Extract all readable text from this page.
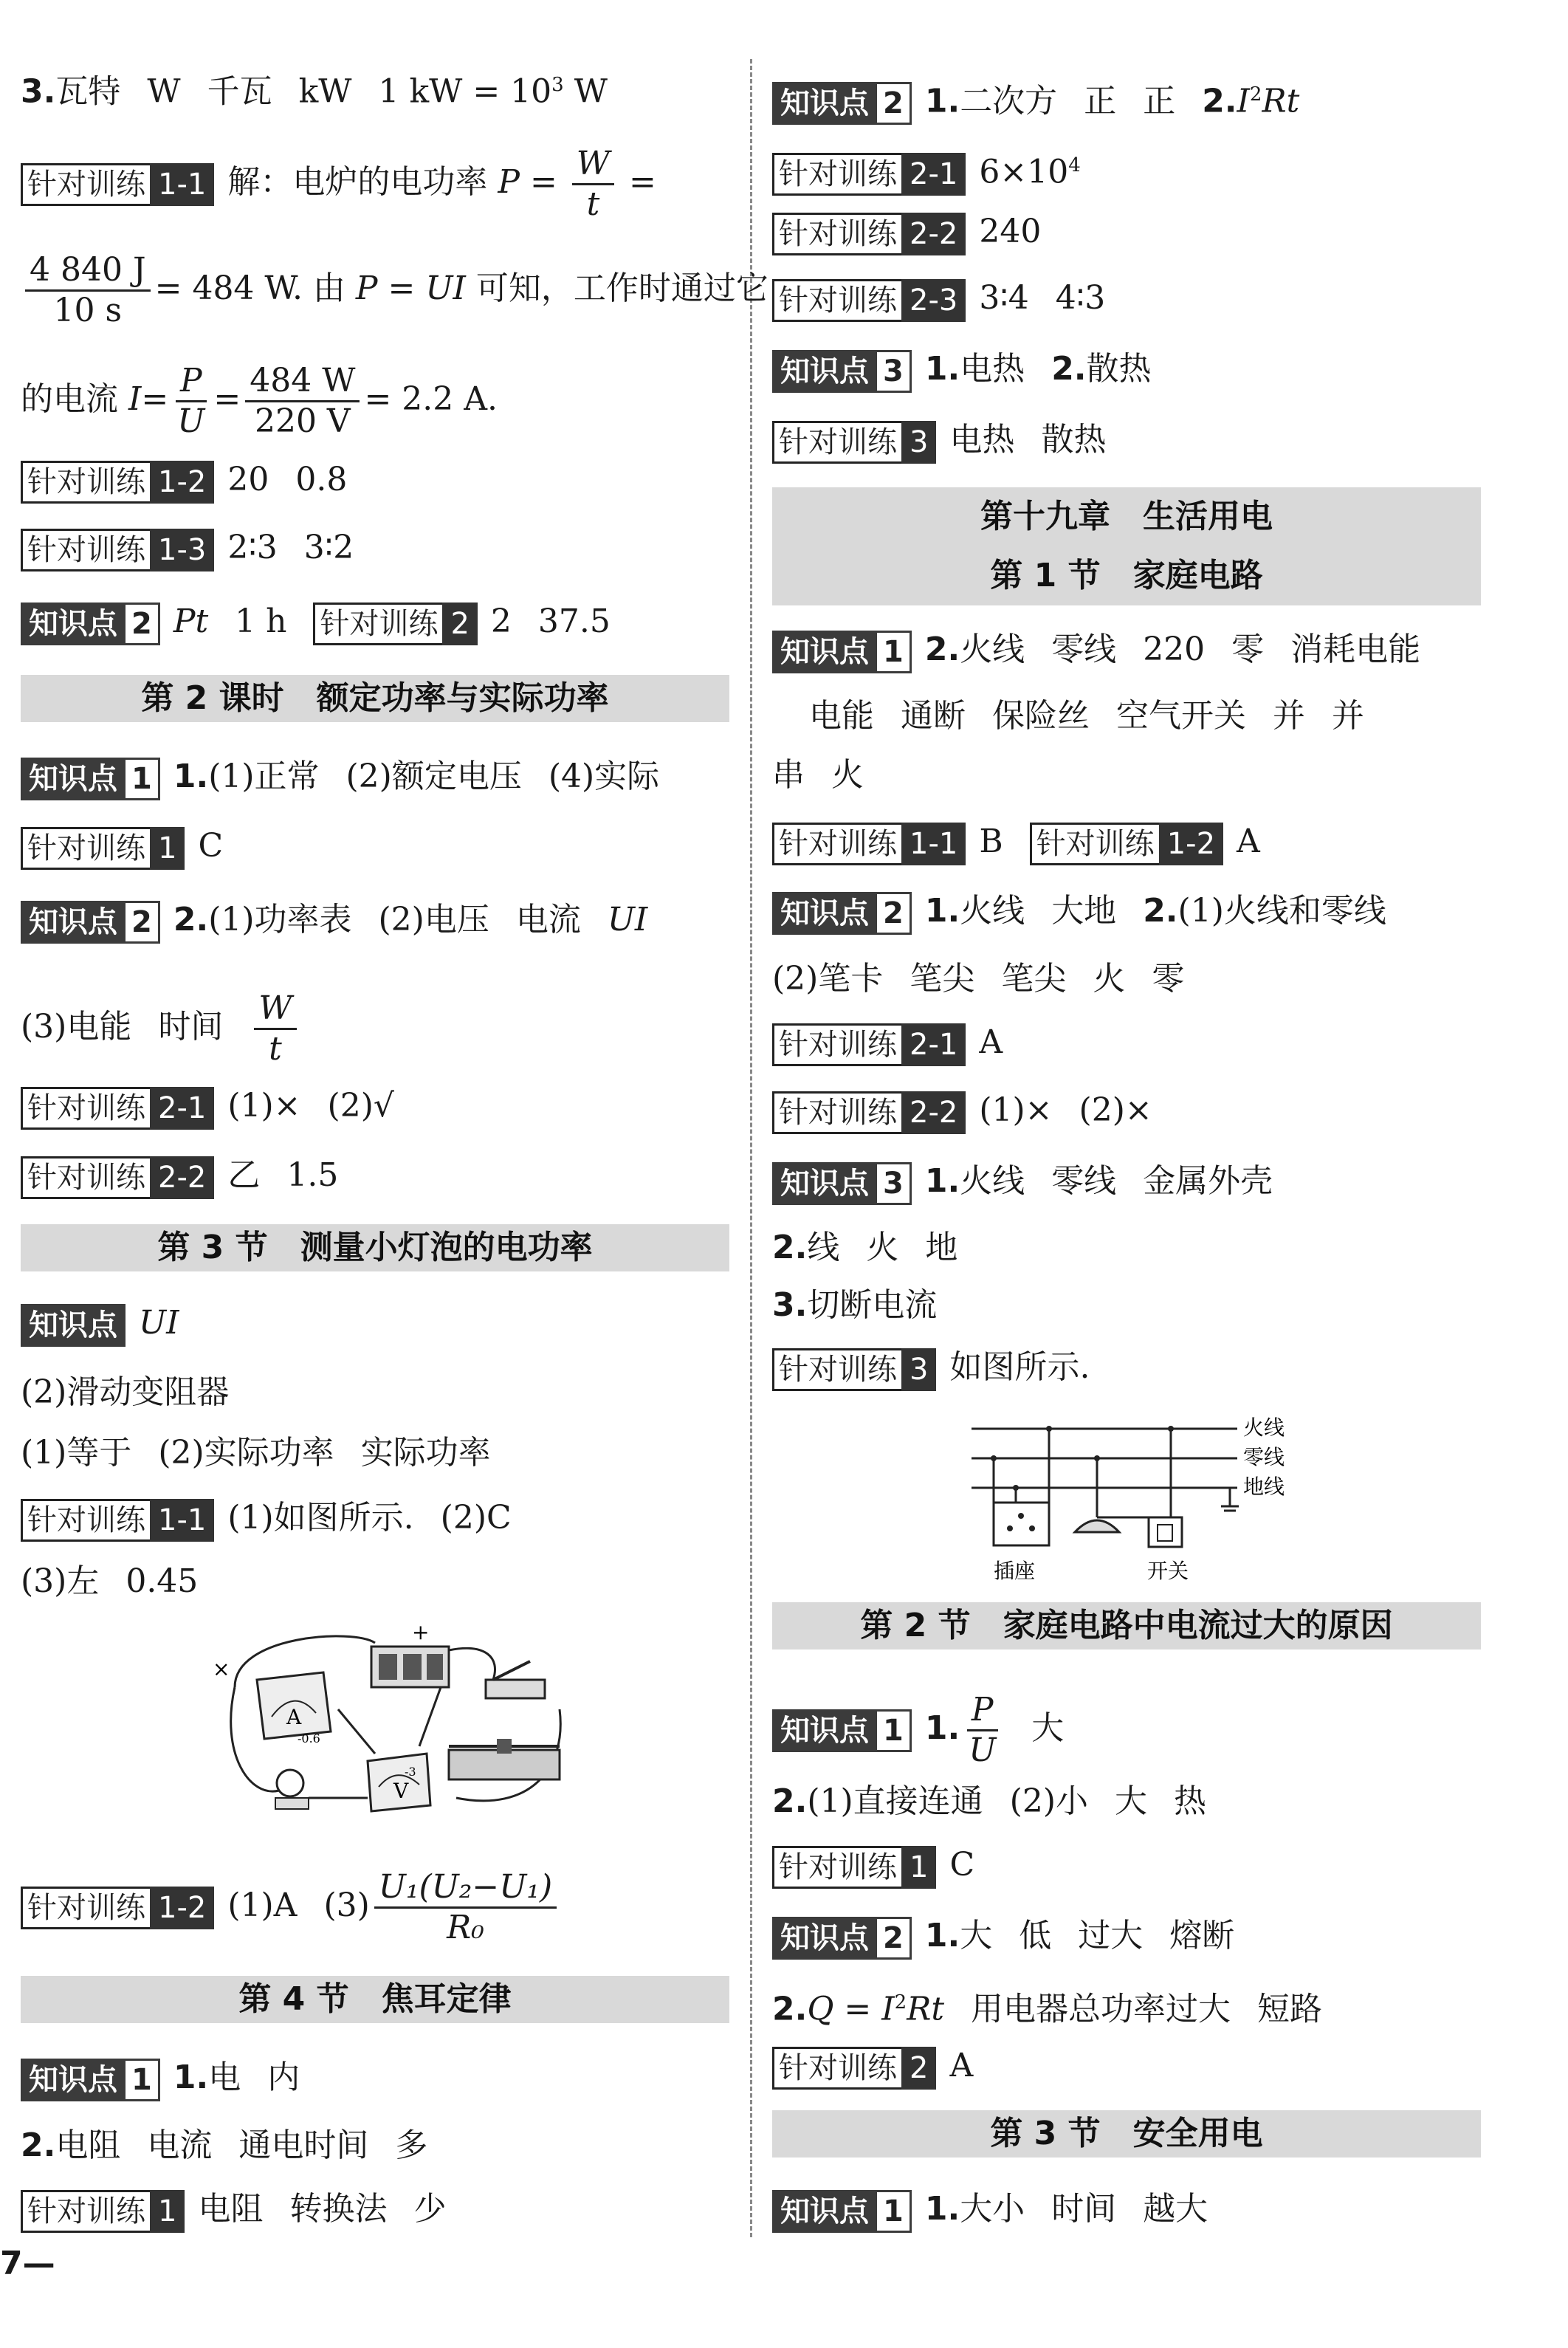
3.瓦特 W 千瓦 kW 1 kW = $10^3$ W
针对训练 1-1 解：电炉的电功率 $P = \frac{W}{t}$ =
$\frac{4 840 J}{10 s} = 484$ W. 由 P = UI 可知，工作时通过它
的电流 $I= \frac{P}{U} = \frac{484 W}{220 V} = 2.2$ A.
针对训练 1-2 20 0.8
针对训练 1-3 2∶3 3∶2
知识点 2 Pt 1 h 针对训练 2 2 37.5
第 2 课时　额定功率与实际功率
知识点 1 1.(1)正常 (2)额定电压 (4)实际
针对训练 1 C
知识点 2 2.(1)功率表 (2)电压 电流 UI
(3)电能 时间 $\frac{W}{t}$
针对训练 2-1 (1)× (2)√
针对训练 2-2 乙 1.5
第 3 节　测量小灯泡的电功率
知识点 UI
(2)滑动变阻器
(1)等于 (2)实际功率 实际功率
针对训练 1-1 (1)如图所示. (2)C
(3)左 0.45
+
A
-0.6
×
V
-3
-
针对训练 1-2 (1)A $(3) \frac{\text{U₁(U₂−U₁)}}{\text{R₀}}$
第 4 节　焦耳定律
知识点 1 1.电 内
2.电阻 电流 通电时间 多
针对训练 1 电阻 转换法 少
7—
知识点 2 1.二次方 正 正 $2.I^2Rt$
针对训练 2-1 $6\times 10^4$
针对训练 2-2 240
针对训练 2-3 3∶4 4∶3
知识点 3 1.电热 2.散热
针对训练 3 电热 散热
第十九章　生活用电
第 1 节　家庭电路
知识点 1 2.火线 零线 220 零 消耗电能
电能 通断 保险丝 空气开关 并 并
串 火
针对训练 1-1 B 针对训练 1-2 A
知识点 2 1.火线 大地 2.(1)火线和零线
(2)笔卡 笔尖 笔尖 火 零
针对训练 2-1 A
针对训练 2-2 (1)× (2)×
知识点 3 1.火线 零线 金属外壳
2.线 火 地
3.切断电流
针对训练 3 如图所示.
火线
零线
地线
插座	开关
第 2 节　家庭电路中电流过大的原因
知识点 1 1. $\frac{P}{U}$ 大
2.(1)直接连通 (2)小 大 热
针对训练 1 C
知识点 2 1.大 低 过大 熔断
$2.Q = I^2Rt$ 用电器总功率过大 短路
针对训练 2 A
第 3 节　安全用电
知识点 1 1.大小 时间 越大
